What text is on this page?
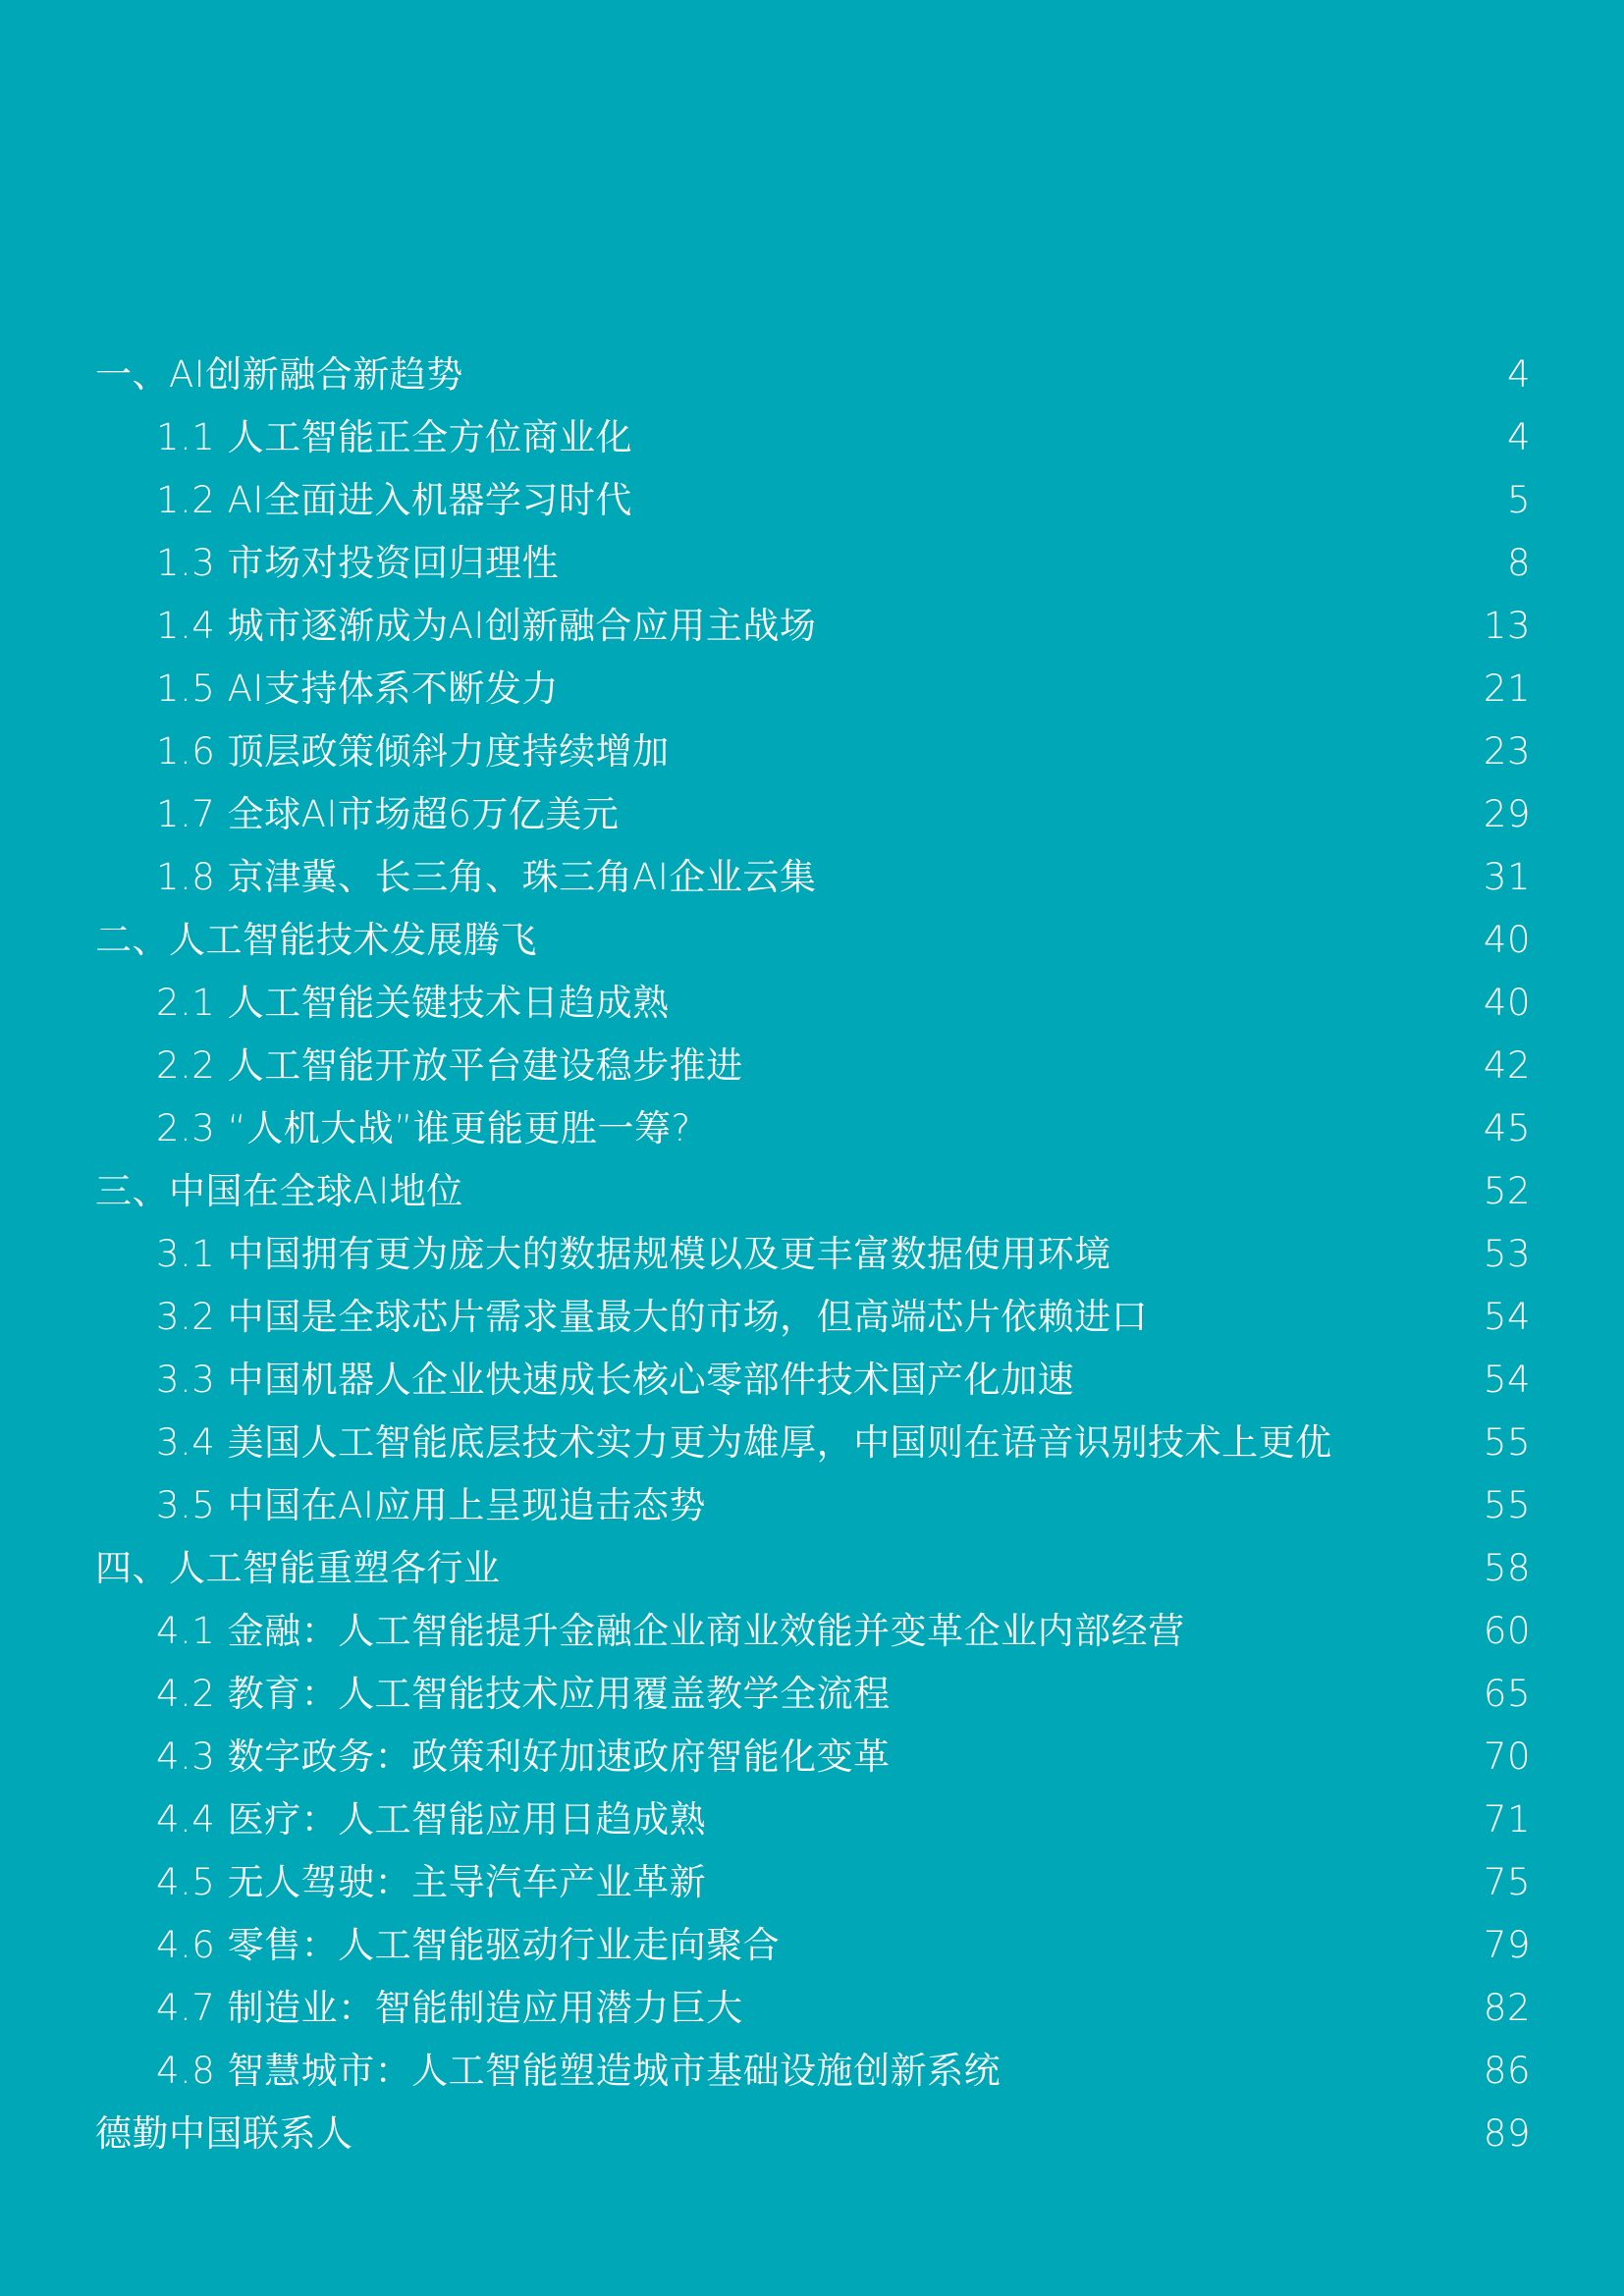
一、AI创新融合新趋势	4
1.1 人工智能正全方位商业化	4
1.2 AI全面进入机器学习时代	5
1.3 市场对投资回归理性	8
1.4 城市逐渐成为AI创新融合应用主战场	13
1.5 AI支持体系不断发力	21
1.6 顶层政策倾斜力度持续增加	23
1.7 全球AI市场超6万亿美元	29
1.8 京津冀、长三角、珠三角AI企业云集	31
二、人工智能技术发展腾飞	40
2.1 人工智能关键技术日趋成熟	40
2.2 人工智能开放平台建设稳步推进	42
2.3 “人机大战”谁更能更胜一筹?	45
三、中国在全球AI地位	52
3.1 中国拥有更为庞大的数据规模以及更丰富数据使用环境	53
3.2 中国是全球芯片需求量最大的市场，但高端芯片依赖进口	54
3.3 中国机器人企业快速成长核心零部件技术国产化加速	54
3.4 美国人工智能底层技术实力更为雄厚，中国则在语音识别技术上更优	55
3.5 中国在AI应用上呈现追击态势	55
四、人工智能重塑各行业	58
4.1 金融：人工智能提升金融企业商业效能并变革企业内部经营	60
4.2 教育：人工智能技术应用覆盖教学全流程	65
4.3 数字政务：政策利好加速政府智能化变革	70
4.4 医疗：人工智能应用日趋成熟	71
4.5 无人驾驶：主导汽车产业革新	75
4.6 零售：人工智能驱动行业走向聚合	79
4.7 制造业：智能制造应用潜力巨大	82
4.8 智慧城市：人工智能塑造城市基础设施创新系统	86
德勤中国联系人	89
